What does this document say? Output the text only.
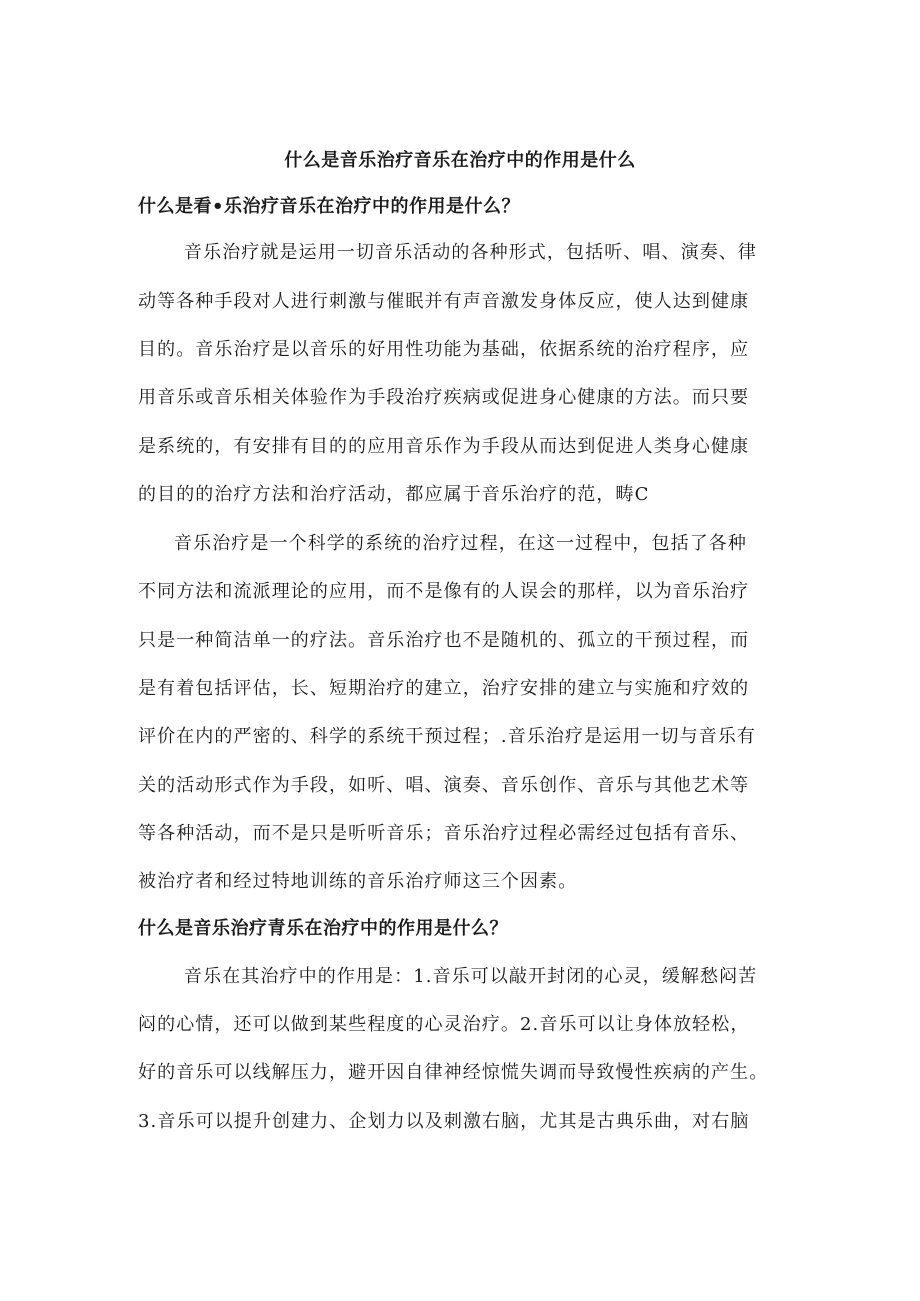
什么是音乐治疗音乐在治疗中的作用是什么
什么是看•乐治疗音乐在治疗中的作用是什么？
音乐治疗就是运用一切音乐活动的各种形式，包括听、唱、演奏、律
动等各种手段对人进行刺激与催眠并有声音激发身体反应，使人达到健康
目的。音乐治疗是以音乐的好用性功能为基础，依据系统的治疗程序，应
用音乐或音乐相关体验作为手段治疗疾病或促进身心健康的方法。而只要
是系统的，有安排有目的的应用音乐作为手段从而达到促进人类身心健康
的目的的治疗方法和治疗活动，都应属于音乐治疗的范，畴C
音乐治疗是一个科学的系统的治疗过程，在这一过程中，包括了各种
不同方法和流派理论的应用，而不是像有的人误会的那样，以为音乐治疗
只是一种简洁单一的疗法。音乐治疗也不是随机的、孤立的干预过程，而
是有着包括评估，长、短期治疗的建立，治疗安排的建立与实施和疗效的
评价在内的严密的、科学的系统干预过程；.音乐治疗是运用一切与音乐有
关的活动形式作为手段，如听、唱、演奏、音乐创作、音乐与其他艺术等
等各种活动，而不是只是听听音乐；音乐治疗过程必需经过包括有音乐、
被治疗者和经过特地训练的音乐治疗师这三个因素。
什么是音乐治疗青乐在治疗中的作用是什么？
音乐在其治疗中的作用是：1.音乐可以敲开封闭的心灵，缓解愁闷苦
闷的心情，还可以做到某些程度的心灵治疗。2.音乐可以让身体放轻松，
好的音乐可以线解压力，避开因自律神经惊慌失调而导致慢性疾病的产生。
3.音乐可以提升创建力、企划力以及刺激右脑，尤其是古典乐曲，对右脑
